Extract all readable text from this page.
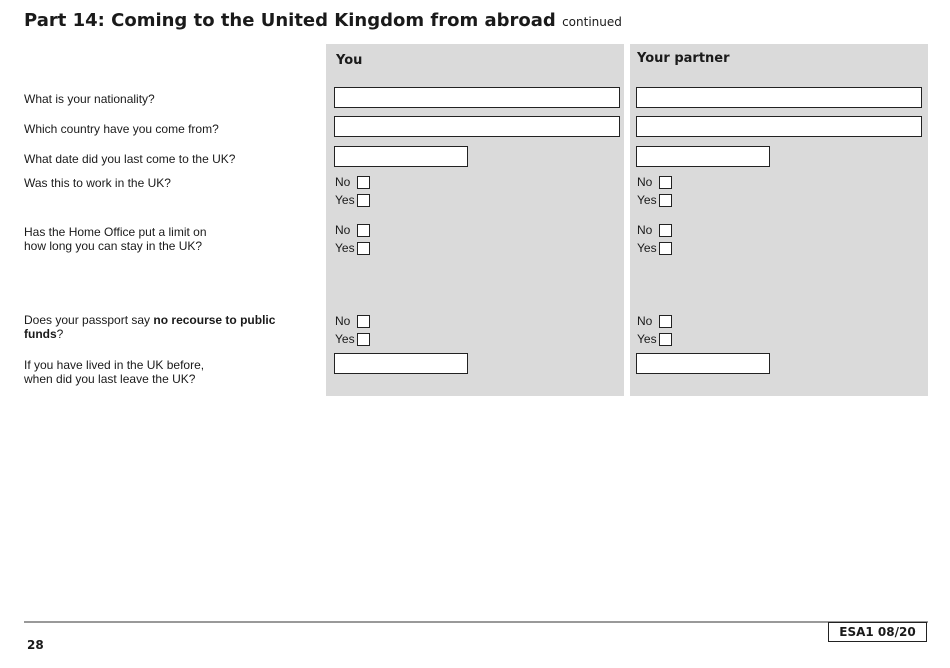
Part 14: Coming to the United Kingdom from abroad continued
What is your nationality?
Which country have you come from?
What date did you last come to the UK?
Was this to work in the UK?
Has the Home Office put a limit on
how long you can stay in the UK?
Does your passport say no recourse to public funds?
If you have lived in the UK before,
when did you last leave the UK?
You
No
Yes
No
Yes
No
Yes
Your partner
No
Yes
No
Yes
No
Yes
28
ESA1 08/20
